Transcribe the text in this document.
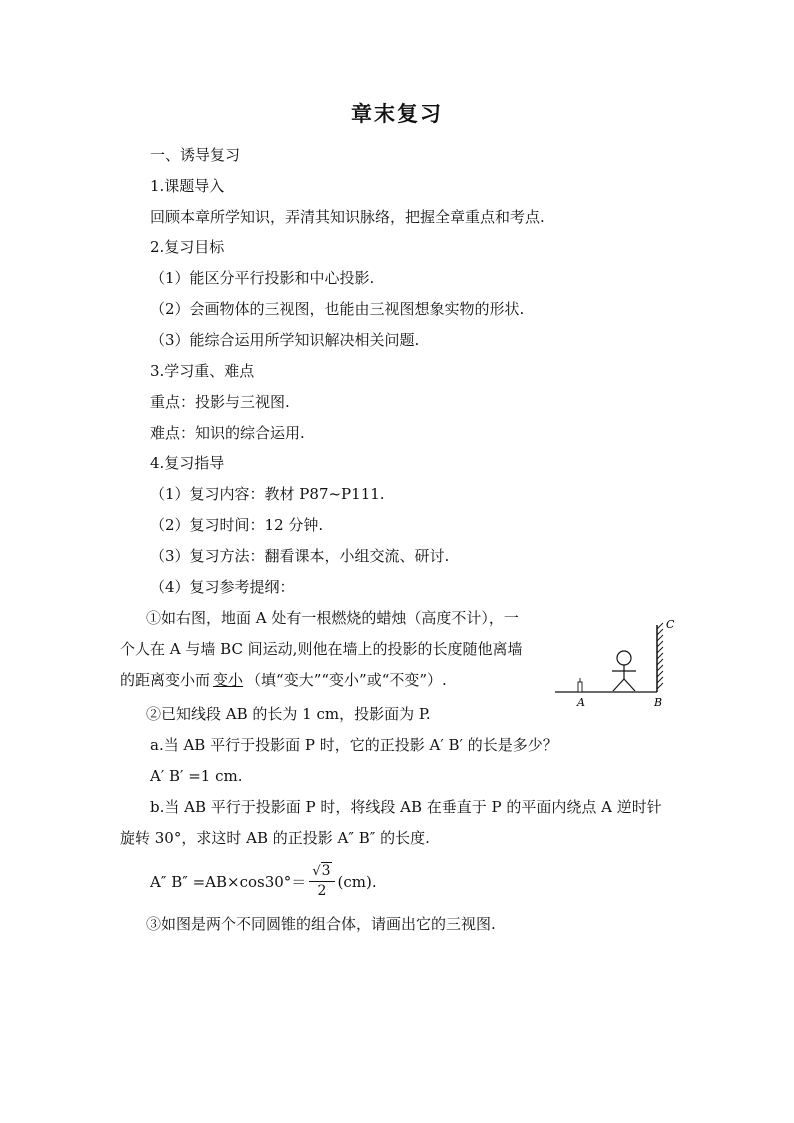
章末复习
一、诱导复习
1.课题导入
回顾本章所学知识，弄清其知识脉络，把握全章重点和考点.
2.复习目标
（1）能区分平行投影和中心投影.
（2）会画物体的三视图，也能由三视图想象实物的形状.
（3）能综合运用所学知识解决相关问题.
3.学习重、难点
重点：投影与三视图.
难点：知识的综合运用.
4.复习指导
（1）复习内容：教材 P87~P111.
（2）复习时间：12 分钟.
（3）复习方法：翻看课本，小组交流、研讨.
（4）复习参考提纲：
①如右图，地面 A 处有一根燃烧的蜡烛（高度不计），一
个人在 A 与墙 BC 间运动,则他在墙上的投影的长度随他离墙
的距离变小而 变小 （填“变大”“变小”或“不变”）.
C
A	B
②已知线段 AB 的长为 1 cm，投影面为 P.
a.当 AB 平行于投影面 P 时，它的正投影 A′ B′ 的长是多少？
A′ B′ =1 cm.
b.当 AB 平行于投影面 P 时，将线段 AB 在垂直于 P 的平面内绕点 A 逆时针
旋转 30°，求这时 AB 的正投影 A″ B″ 的长度.
A″ $B'' =AB\times\cos 30^\circ= \frac{√3}{2} (cm)$.
③如图是两个不同圆锥的组合体，请画出它的三视图.
